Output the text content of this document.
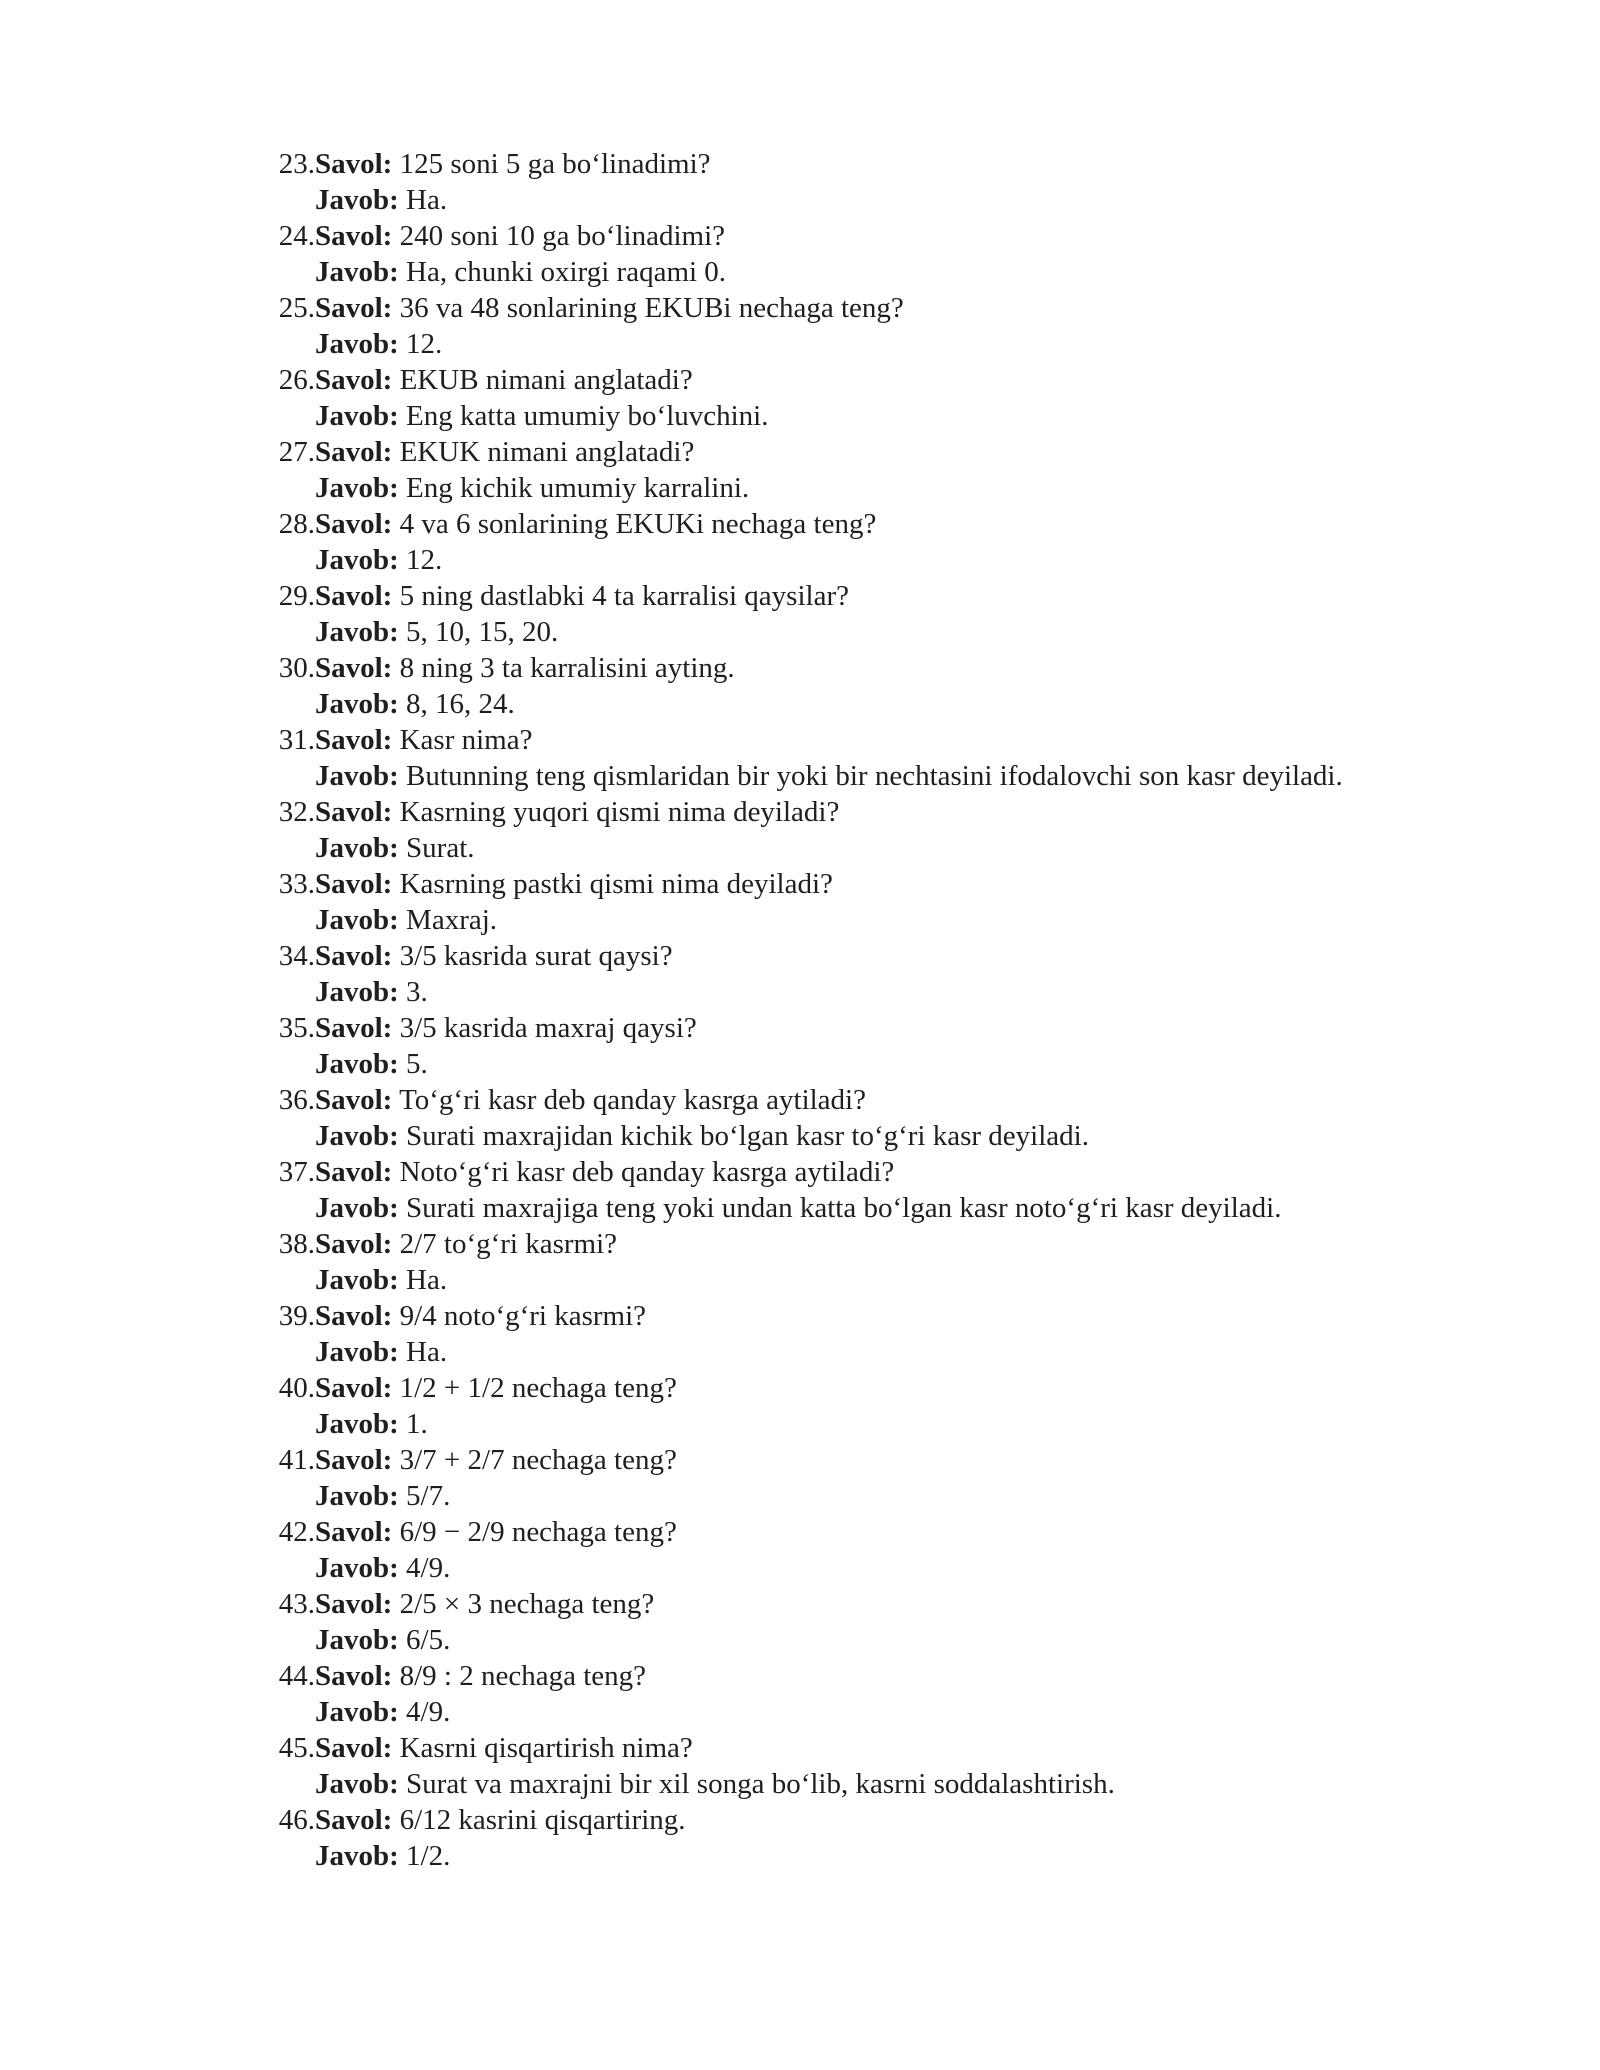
23. Savol: 125 soni 5 ga bo‘linadimi?
Javob: Ha.
24. Savol: 240 soni 10 ga bo‘linadimi?
Javob: Ha, chunki oxirgi raqami 0.
25. Savol: 36 va 48 sonlarining EKUBi nechaga teng?
Javob: 12.
26. Savol: EKUB nimani anglatadi?
Javob: Eng katta umumiy bo‘luvchini.
27. Savol: EKUK nimani anglatadi?
Javob: Eng kichik umumiy karralini.
28. Savol: 4 va 6 sonlarining EKUKi nechaga teng?
Javob: 12.
29. Savol: 5 ning dastlabki 4 ta karralisi qaysilar?
Javob: 5, 10, 15, 20.
30. Savol: 8 ning 3 ta karralisini ayting.
Javob: 8, 16, 24.
31. Savol: Kasr nima?
Javob: Butunning teng qismlaridan bir yoki bir nechtasini ifodalovchi son kasr deyiladi.
32. Savol: Kasrning yuqori qismi nima deyiladi?
Javob: Surat.
33. Savol: Kasrning pastki qismi nima deyiladi?
Javob: Maxraj.
34. Savol: 3/5 kasrida surat qaysi?
Javob: 3.
35. Savol: 3/5 kasrida maxraj qaysi?
Javob: 5.
36. Savol: To‘g‘ri kasr deb qanday kasrga aytiladi?
Javob: Surati maxrajidan kichik bo‘lgan kasr to‘g‘ri kasr deyiladi.
37. Savol: Noto‘g‘ri kasr deb qanday kasrga aytiladi?
Javob: Surati maxrajiga teng yoki undan katta bo‘lgan kasr noto‘g‘ri kasr deyiladi.
38. Savol: 2/7 to‘g‘ri kasrmi?
Javob: Ha.
39. Savol: 9/4 noto‘g‘ri kasrmi?
Javob: Ha.
40. Savol: 1/2 + 1/2 nechaga teng?
Javob: 1.
41. Savol: 3/7 + 2/7 nechaga teng?
Javob: 5/7.
42. Savol: 6/9 − 2/9 nechaga teng?
Javob: 4/9.
43. Savol: 2/5 × 3 nechaga teng?
Javob: 6/5.
44. Savol: 8/9 : 2 nechaga teng?
Javob: 4/9.
45. Savol: Kasrni qisqartirish nima?
Javob: Surat va maxrajni bir xil songa bo‘lib, kasrni soddalashtirish.
46. Savol: 6/12 kasrini qisqartiring.
Javob: 1/2.
